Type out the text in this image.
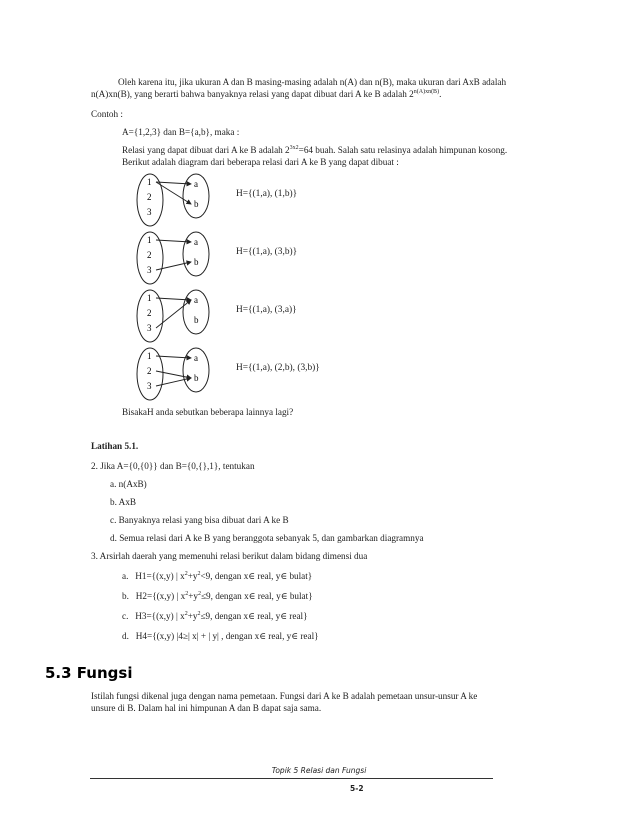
Oleh karena itu, jika ukuran A dan B masing-masing adalah n(A) dan n(B), maka ukuran dari AxB adalah
n(A)xn(B), yang berarti bahwa banyaknya relasi yang dapat dibuat dari A ke B adalah $2^{n(A)xn(B)}$.
Contoh :
A={1,2,3} dan B={a,b}, maka :
Relasi yang dapat dibuat dari A ke B adalah $2^{3x2}=64$ buah. Salah satu relasinya adalah himpunan kosong.
Berikut adalah diagram dari beberapa relasi dari A ke B yang dapat dibuat :
1
2
3
a
b
H={(1,a), (1,b)}
1
2
3
a
b
H={(1,a), (3,b)}
1
2
3
a
b
H={(1,a), (3,a)}
1
2
3
a
b
H={(1,a), (2,b), (3,b)}
BisakaH anda sebutkan beberapa lainnya lagi?
Latihan 5.1.
2. Jika A={0,{0}} dan B={0,{},1}, tentukan
a. n(AxB)
b. AxB
c. Banyaknya relasi yang bisa dibuat dari A ke B
d. Semua relasi dari A ke B yang beranggota sebanyak 5, dan gambarkan diagramnya
3. Arsirlah daerah yang memenuhi relasi berikut dalam bidang dimensi dua
a. H1={(x,y) | $x^2+y^2<9$, dengan x∈ real, y∈ bulat}
b. H2={(x,y) | $x^2+y^2\le 9$, dengan x∈ real, y∈ bulat}
c. H3={(x,y) | $x^2+y^2\le 9$, dengan x∈ real, y∈ real}
d. H4={(x,y) |4≥| x| + | y| , dengan x∈ real, y∈ real}
5.3 Fungsi
Istilah fungsi dikenal juga dengan nama pemetaan. Fungsi dari A ke B adalah pemetaan unsur-unsur A ke
unsure di B. Dalam hal ini himpunan A dan B dapat saja sama.
Topik 5 Relasi dan Fungsi
5-2
